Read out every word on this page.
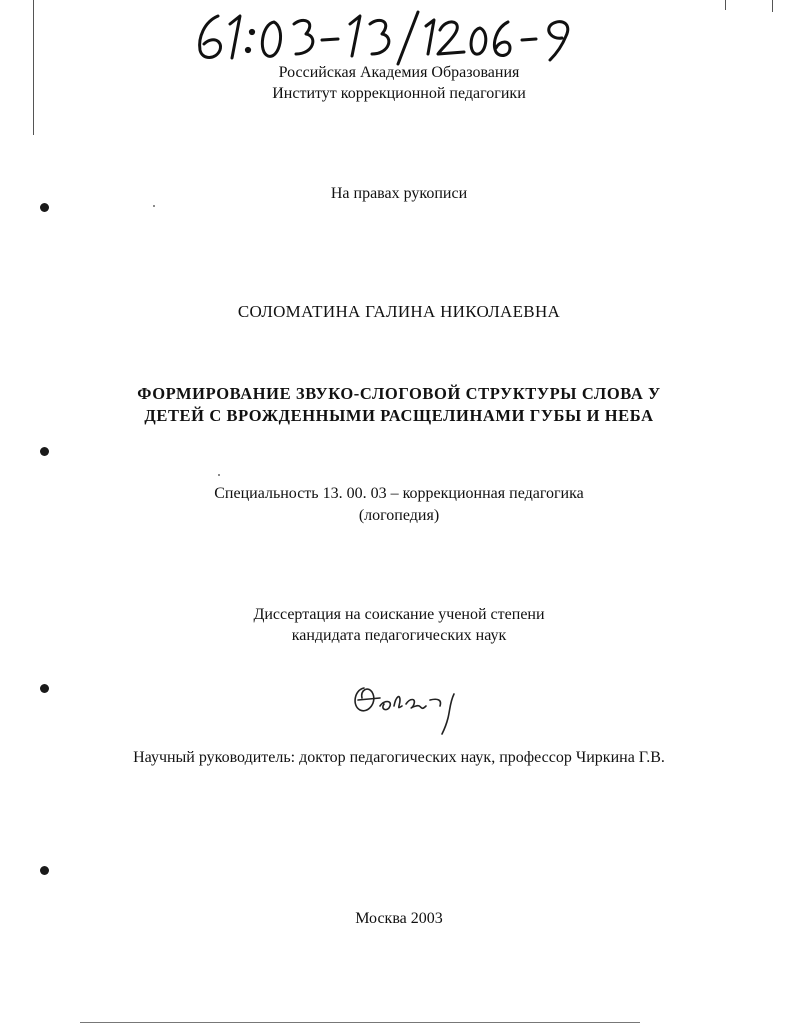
Российская Академия Образования
Институт коррекционной педагогики
На правах рукописи
СОЛОМАТИНА ГАЛИНА НИКОЛАЕВНА
ФОРМИРОВАНИЕ ЗВУКО-СЛОГОВОЙ СТРУКТУРЫ СЛОВА У
ДЕТЕЙ С ВРОЖДЕННЫМИ РАСЩЕЛИНАМИ ГУБЫ И НЕБА
Специальность 13. 00. 03 – коррекционная педагогика
(логопедия)
Диссертация на соискание ученой степени
кандидата педагогических наук
Научный руководитель: доктор педагогических наук, профессор Чиркина Г.В.
Москва 2003
